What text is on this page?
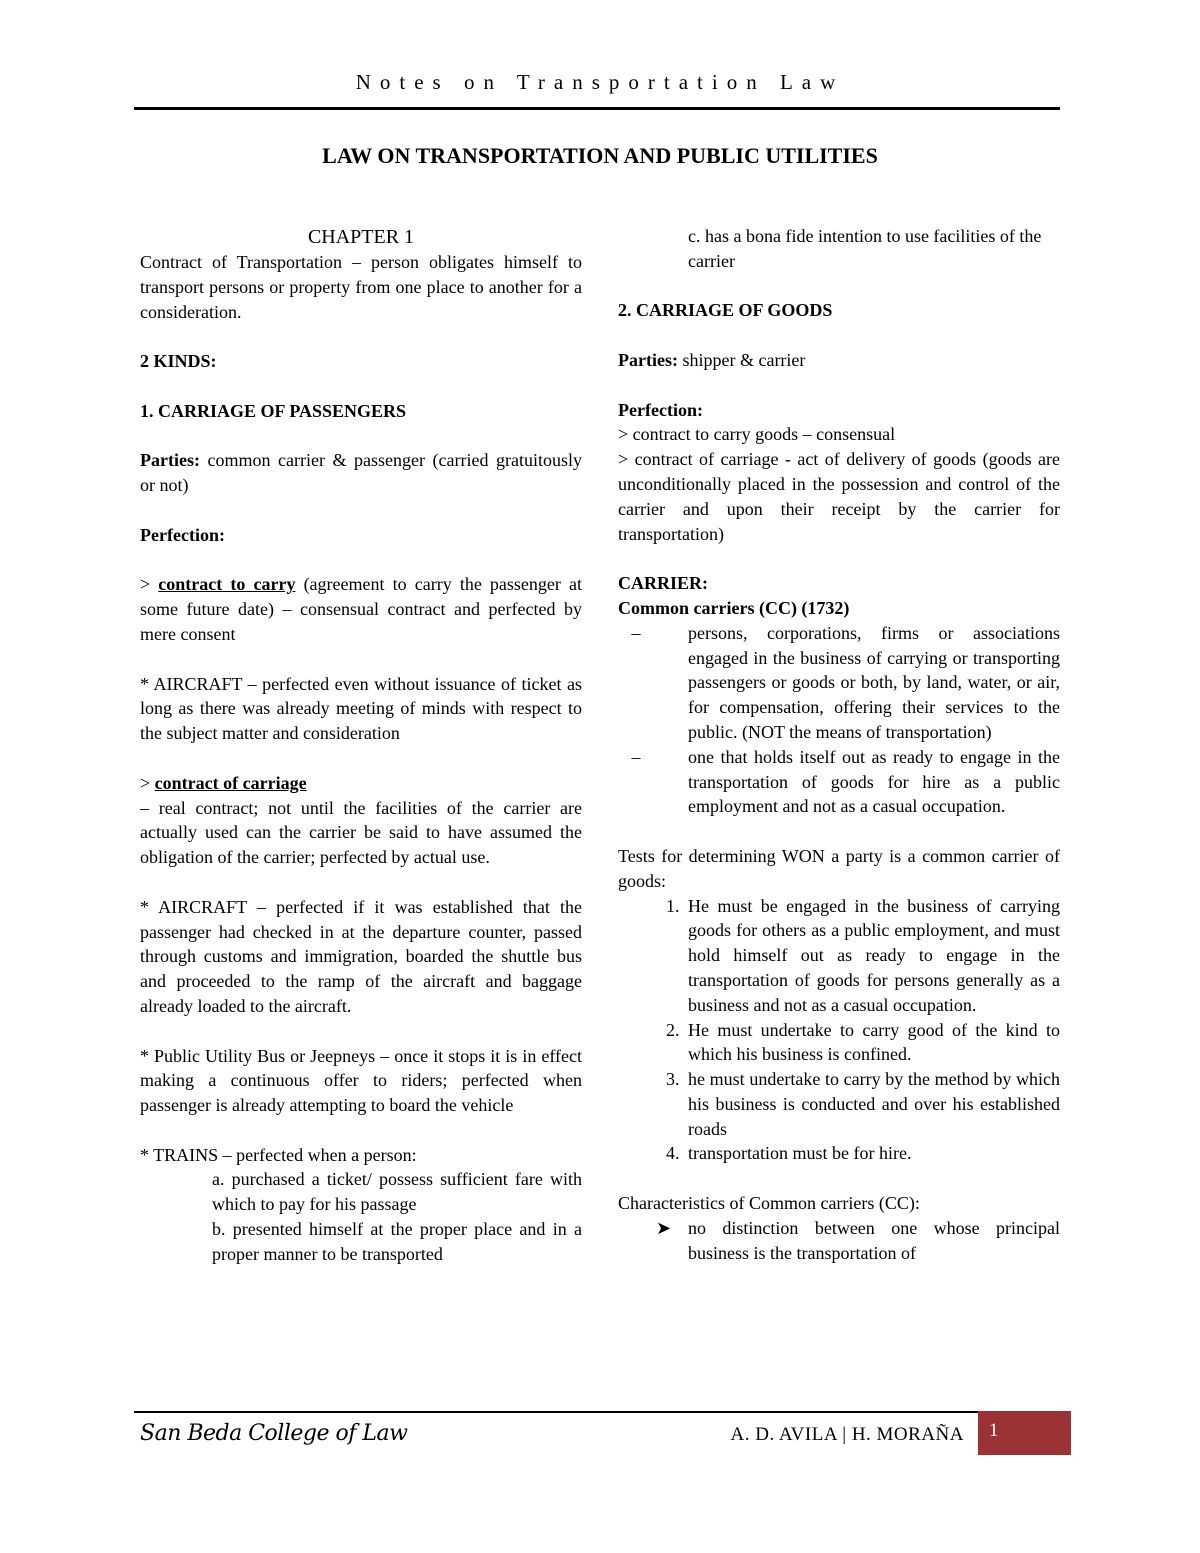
Notes on Transportation Law
LAW ON TRANSPORTATION AND PUBLIC UTILITIES

CHAPTER 1

Contract of Transportation – person obligates himself to transport persons or property from one place to another for a consideration.

2 KINDS:

1. CARRIAGE OF PASSENGERS

Parties: common carrier & passenger (carried gratuitously or not)

Perfection:

> contract to carry (agreement to carry the passenger at some future date) – consensual contract and perfected by mere consent

* AIRCRAFT – perfected even without issuance of ticket as long as there was already meeting of minds with respect to the subject matter and consideration

> contract of carriage
– real contract; not until the facilities of the carrier are actually used can the carrier be said to have assumed the obligation of the carrier; perfected by actual use.

* AIRCRAFT – perfected if it was established that the passenger had checked in at the departure counter, passed through customs and immigration, boarded the shuttle bus and proceeded to the ramp of the aircraft and baggage already loaded to the aircraft.

* Public Utility Bus or Jeepneys – once it stops it is in effect making a continuous offer to riders; perfected when passenger is already attempting to board the vehicle

* TRAINS – perfected when a person:

a. purchased a ticket/ possess sufficient fare with which to pay for his passage

b. presented himself at the proper place and in a proper manner to be transported

c. has a bona fide intention to use facilities of the carrier

2. CARRIAGE OF GOODS

Parties: shipper & carrier

Perfection:

> contract to carry goods – consensual

> contract of carriage - act of delivery of goods (goods are unconditionally placed in the possession and control of the carrier and upon their receipt by the carrier for transportation)

CARRIER:

Common carriers (CC) (1732)

–	persons, corporations, firms or associations engaged in the business of carrying or transporting passengers or goods or both, by land, water, or air, for compensation, offering their services to the public. (NOT the means of transportation)
–	one that holds itself out as ready to engage in the transportation of goods for hire as a public employment and not as a casual occupation.

Tests for determining WON a party is a common carrier of goods:

1. He must be engaged in the business of carrying goods for others as a public employment, and must hold himself out as ready to engage in the transportation of goods for persons generally as a business and not as a casual occupation.
2. He must undertake to carry good of the kind to which his business is confined.
3. he must undertake to carry by the method by which his business is conducted and over his established roads
4. transportation must be for hire.

Characteristics of Common carriers (CC):

➤ no distinction between one whose principal business is the transportation of
San Beda College of Law	A. D. AVILA | H. MORAÑA 1
